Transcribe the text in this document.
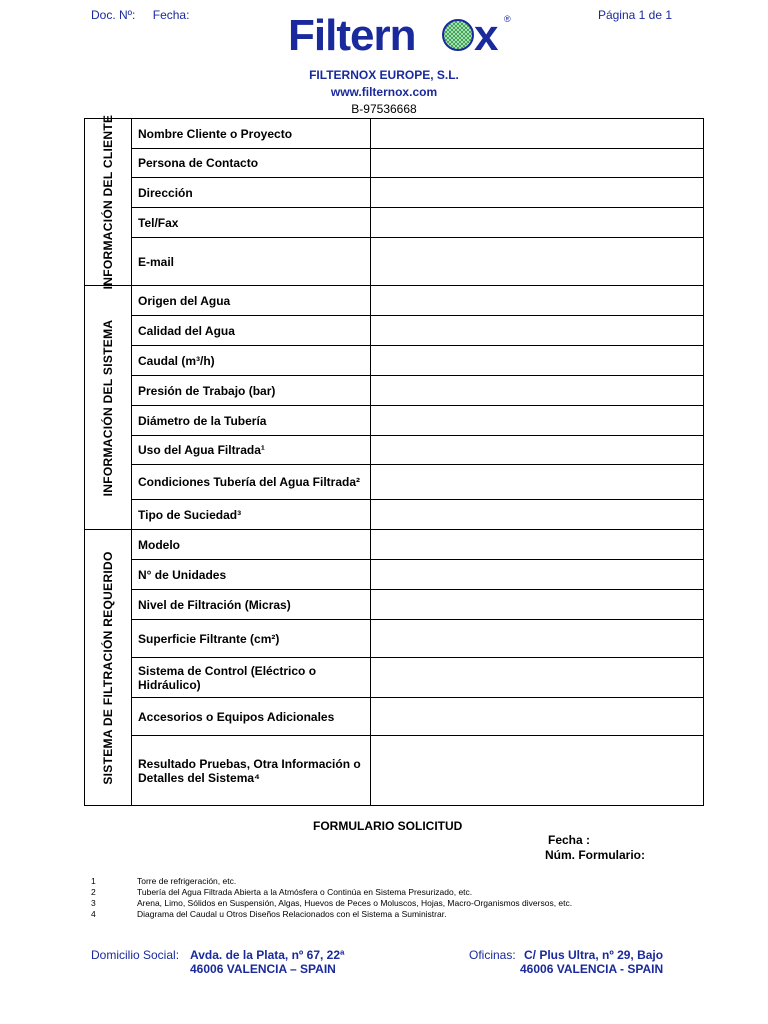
Doc. Nº: Fecha:	Página 1 de 1
Filtern x ®
FILTERNOX EUROPE, S.L.
www.filternox.com
B-97536668
INFORMACIÓN DEL CLIENTE	Nombre Cliente o Proyecto	
	Persona de Contacto	
	Dirección	
	Tel/Fax	
	E-mail	

INFORMACIÓN DEL SISTEMA	Origen del Agua	
	Calidad del Agua	
	Caudal (m³/h)	
	Presión de Trabajo (bar)	
	Diámetro de la Tubería	
	Uso del Agua Filtrada¹	
	Condiciones Tubería del Agua Filtrada²	
	Tipo de Suciedad³	

SISTEMA DE FILTRACIÓN REQUERIDO	Modelo	
	N° de Unidades	
	Nivel de Filtración (Micras)	
	Superficie Filtrante (cm²)	
	Sistema de Control (Eléctrico o Hidráulico)	
	Accesorios o Equipos Adicionales	
	Resultado Pruebas, Otra Información o Detalles del Sistema⁴	
FORMULARIO SOLICITUD
Fecha :
Núm. Formulario:
1	Torre de refrigeración, etc.
2	Tubería del Agua Filtrada Abierta a la Atmósfera o Continúa en Sistema Presurizado, etc.
3	Arena, Limo, Sólidos en Suspensión, Algas, Huevos de Peces o Moluscos, Hojas, Macro-Organismos diversos, etc.
4	Diagrama del Caudal u Otros Diseños Relacionados con el Sistema a Suministrar.
Domicilio Social: Avda. de la Plata, nº 67, 22ª
46006 VALENCIA – SPAIN
Oficinas: C/ Plus Ultra, nº 29, Bajo
46006 VALENCIA - SPAIN
